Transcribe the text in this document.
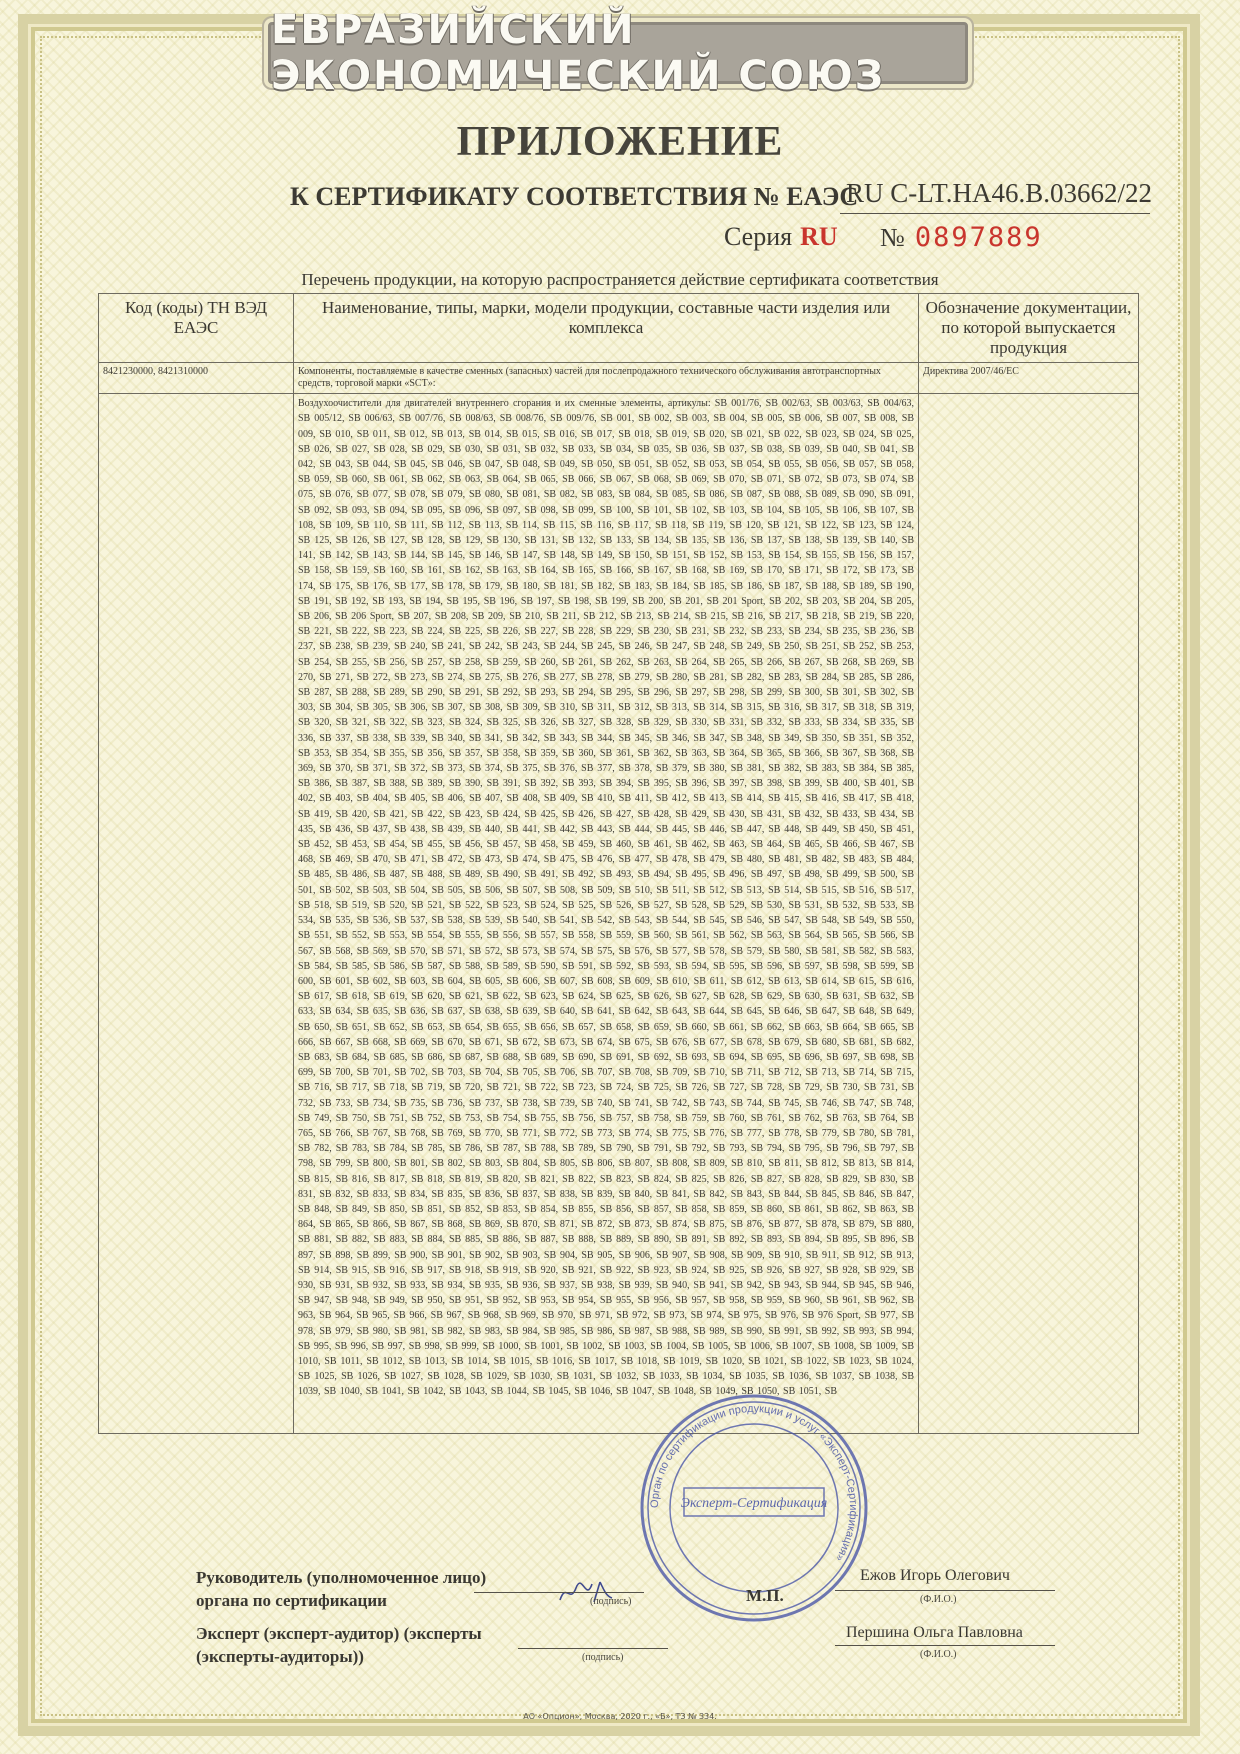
ЕВРАЗИЙСКИЙ ЭКОНОМИЧЕСКИЙ СОЮЗ
ПРИЛОЖЕНИЕ
К СЕРТИФИКАТУ СООТВЕТСТВИЯ № ЕАЭС
RU C-LT.HA46.B.03662/22
Серия RU	№ 0897889
Перечень продукции, на которую распространяется действие сертификата соответствия
Код (коды) ТН ВЭД ЕАЭС	Наименование, типы, марки, модели продукции, составные части изделия или комплекса	Обозначение документации, по которой выпускается продукция
8421230000, 8421310000	Компоненты, поставляемые в качестве сменных (запасных) частей для послепродажного технического обслуживания автотранспортных средств, торговой марки «SCT»:	Директива 2007/46/EC
	Воздухоочистители для двигателей внутреннего сгорания и их сменные элементы, артикулы: SB 001/76, SB 002/63, SB 003/63, SB 004/63, SB 005/12, SB 006/63, SB 007/76, SB 008/63, SB 008/76, SB 009/76, SB 001, SB 002, SB 003, SB 004, SB 005, SB 006, SB 007, SB 008, SB 009, SB 010, SB 011, SB 012, SB 013, SB 014, SB 015, SB 016, SB 017, SB 018, SB 019, SB 020, SB 021, SB 022, SB 023, SB 024, SB 025, SB 026, SB 027, SB 028, SB 029, SB 030, SB 031, SB 032, SB 033, SB 034, SB 035, SB 036, SB 037, SB 038, SB 039, SB 040, SB 041, SB 042, SB 043, SB 044, SB 045, SB 046, SB 047, SB 048, SB 049, SB 050, SB 051, SB 052, SB 053, SB 054, SB 055, SB 056, SB 057, SB 058, SB 059, SB 060, SB 061, SB 062, SB 063, SB 064, SB 065, SB 066, SB 067, SB 068, SB 069, SB 070, SB 071, SB 072, SB 073, SB 074, SB 075, SB 076, SB 077, SB 078, SB 079, SB 080, SB 081, SB 082, SB 083, SB 084, SB 085, SB 086, SB 087, SB 088, SB 089, SB 090, SB 091, SB 092, SB 093, SB 094, SB 095, SB 096, SB 097, SB 098, SB 099, SB 100, SB 101, SB 102, SB 103, SB 104, SB 105, SB 106, SB 107, SB 108, SB 109, SB 110, SB 111, SB 112, SB 113, SB 114, SB 115, SB 116, SB 117, SB 118, SB 119, SB 120, SB 121, SB 122, SB 123, SB 124, SB 125, SB 126, SB 127, SB 128, SB 129, SB 130, SB 131, SB 132, SB 133, SB 134, SB 135, SB 136, SB 137, SB 138, SB 139, SB 140, SB 141, SB 142, SB 143, SB 144, SB 145, SB 146, SB 147, SB 148, SB 149, SB 150, SB 151, SB 152, SB 153, SB 154, SB 155, SB 156, SB 157, SB 158, SB 159, SB 160, SB 161, SB 162, SB 163, SB 164, SB 165, SB 166, SB 167, SB 168, SB 169, SB 170, SB 171, SB 172, SB 173, SB 174, SB 175, SB 176, SB 177, SB 178, SB 179, SB 180, SB 181, SB 182, SB 183, SB 184, SB 185, SB 186, SB 187, SB 188, SB 189, SB 190, SB 191, SB 192, SB 193, SB 194, SB 195, SB 196, SB 197, SB 198, SB 199, SB 200, SB 201, SB 201 Sport, SB 202, SB 203, SB 204, SB 205, SB 206, SB 206 Sport, SB 207, SB 208, SB 209, SB 210, SB 211, SB 212, SB 213, SB 214, SB 215, SB 216, SB 217, SB 218, SB 219, SB 220, SB 221, SB 222, SB 223, SB 224, SB 225, SB 226, SB 227, SB 228, SB 229, SB 230, SB 231, SB 232, SB 233, SB 234, SB 235, SB 236, SB 237, SB 238, SB 239, SB 240, SB 241, SB 242, SB 243, SB 244, SB 245, SB 246, SB 247, SB 248, SB 249, SB 250, SB 251, SB 252, SB 253, SB 254, SB 255, SB 256, SB 257, SB 258, SB 259, SB 260, SB 261, SB 262, SB 263, SB 264, SB 265, SB 266, SB 267, SB 268, SB 269, SB 270, SB 271, SB 272, SB 273, SB 274, SB 275, SB 276, SB 277, SB 278, SB 279, SB 280, SB 281, SB 282, SB 283, SB 284, SB 285, SB 286, SB 287, SB 288, SB 289, SB 290, SB 291, SB 292, SB 293, SB 294, SB 295, SB 296, SB 297, SB 298, SB 299, SB 300, SB 301, SB 302, SB 303, SB 304, SB 305, SB 306, SB 307, SB 308, SB 309, SB 310, SB 311, SB 312, SB 313, SB 314, SB 315, SB 316, SB 317, SB 318, SB 319, SB 320, SB 321, SB 322, SB 323, SB 324, SB 325, SB 326, SB 327, SB 328, SB 329, SB 330, SB 331, SB 332, SB 333, SB 334, SB 335, SB 336, SB 337, SB 338, SB 339, SB 340, SB 341, SB 342, SB 343, SB 344, SB 345, SB 346, SB 347, SB 348, SB 349, SB 350, SB 351, SB 352, SB 353, SB 354, SB 355, SB 356, SB 357, SB 358, SB 359, SB 360, SB 361, SB 362, SB 363, SB 364, SB 365, SB 366, SB 367, SB 368, SB 369, SB 370, SB 371, SB 372, SB 373, SB 374, SB 375, SB 376, SB 377, SB 378, SB 379, SB 380, SB 381, SB 382, SB 383, SB 384, SB 385, SB 386, SB 387, SB 388, SB 389, SB 390, SB 391, SB 392, SB 393, SB 394, SB 395, SB 396, SB 397, SB 398, SB 399, SB 400, SB 401, SB 402, SB 403, SB 404, SB 405, SB 406, SB 407, SB 408, SB 409, SB 410, SB 411, SB 412, SB 413, SB 414, SB 415, SB 416, SB 417, SB 418, SB 419, SB 420, SB 421, SB 422, SB 423, SB 424, SB 425, SB 426, SB 427, SB 428, SB 429, SB 430, SB 431, SB 432, SB 433, SB 434, SB 435, SB 436, SB 437, SB 438, SB 439, SB 440, SB 441, SB 442, SB 443, SB 444, SB 445, SB 446, SB 447, SB 448, SB 449, SB 450, SB 451, SB 452, SB 453, SB 454, SB 455, SB 456, SB 457, SB 458, SB 459, SB 460, SB 461, SB 462, SB 463, SB 464, SB 465, SB 466, SB 467, SB 468, SB 469, SB 470, SB 471, SB 472, SB 473, SB 474, SB 475, SB 476, SB 477, SB 478, SB 479, SB 480, SB 481, SB 482, SB 483, SB 484, SB 485, SB 486, SB 487, SB 488, SB 489, SB 490, SB 491, SB 492, SB 493, SB 494, SB 495, SB 496, SB 497, SB 498, SB 499, SB 500, SB 501, SB 502, SB 503, SB 504, SB 505, SB 506, SB 507, SB 508, SB 509, SB 510, SB 511, SB 512, SB 513, SB 514, SB 515, SB 516, SB 517, SB 518, SB 519, SB 520, SB 521, SB 522, SB 523, SB 524, SB 525, SB 526, SB 527, SB 528, SB 529, SB 530, SB 531, SB 532, SB 533, SB 534, SB 535, SB 536, SB 537, SB 538, SB 539, SB 540, SB 541, SB 542, SB 543, SB 544, SB 545, SB 546, SB 547, SB 548, SB 549, SB 550, SB 551, SB 552, SB 553, SB 554, SB 555, SB 556, SB 557, SB 558, SB 559, SB 560, SB 561, SB 562, SB 563, SB 564, SB 565, SB 566, SB 567, SB 568, SB 569, SB 570, SB 571, SB 572, SB 573, SB 574, SB 575, SB 576, SB 577, SB 578, SB 579, SB 580, SB 581, SB 582, SB 583, SB 584, SB 585, SB 586, SB 587, SB 588, SB 589, SB 590, SB 591, SB 592, SB 593, SB 594, SB 595, SB 596, SB 597, SB 598, SB 599, SB 600, SB 601, SB 602, SB 603, SB 604, SB 605, SB 606, SB 607, SB 608, SB 609, SB 610, SB 611, SB 612, SB 613, SB 614, SB 615, SB 616, SB 617, SB 618, SB 619, SB 620, SB 621, SB 622, SB 623, SB 624, SB 625, SB 626, SB 627, SB 628, SB 629, SB 630, SB 631, SB 632, SB 633, SB 634, SB 635, SB 636, SB 637, SB 638, SB 639, SB 640, SB 641, SB 642, SB 643, SB 644, SB 645, SB 646, SB 647, SB 648, SB 649, SB 650, SB 651, SB 652, SB 653, SB 654, SB 655, SB 656, SB 657, SB 658, SB 659, SB 660, SB 661, SB 662, SB 663, SB 664, SB 665, SB 666, SB 667, SB 668, SB 669, SB 670, SB 671, SB 672, SB 673, SB 674, SB 675, SB 676, SB 677, SB 678, SB 679, SB 680, SB 681, SB 682, SB 683, SB 684, SB 685, SB 686, SB 687, SB 688, SB 689, SB 690, SB 691, SB 692, SB 693, SB 694, SB 695, SB 696, SB 697, SB 698, SB 699, SB 700, SB 701, SB 702, SB 703, SB 704, SB 705, SB 706, SB 707, SB 708, SB 709, SB 710, SB 711, SB 712, SB 713, SB 714, SB 715, SB 716, SB 717, SB 718, SB 719, SB 720, SB 721, SB 722, SB 723, SB 724, SB 725, SB 726, SB 727, SB 728, SB 729, SB 730, SB 731, SB 732, SB 733, SB 734, SB 735, SB 736, SB 737, SB 738, SB 739, SB 740, SB 741, SB 742, SB 743, SB 744, SB 745, SB 746, SB 747, SB 748, SB 749, SB 750, SB 751, SB 752, SB 753, SB 754, SB 755, SB 756, SB 757, SB 758, SB 759, SB 760, SB 761, SB 762, SB 763, SB 764, SB 765, SB 766, SB 767, SB 768, SB 769, SB 770, SB 771, SB 772, SB 773, SB 774, SB 775, SB 776, SB 777, SB 778, SB 779, SB 780, SB 781, SB 782, SB 783, SB 784, SB 785, SB 786, SB 787, SB 788, SB 789, SB 790, SB 791, SB 792, SB 793, SB 794, SB 795, SB 796, SB 797, SB 798, SB 799, SB 800, SB 801, SB 802, SB 803, SB 804, SB 805, SB 806, SB 807, SB 808, SB 809, SB 810, SB 811, SB 812, SB 813, SB 814, SB 815, SB 816, SB 817, SB 818, SB 819, SB 820, SB 821, SB 822, SB 823, SB 824, SB 825, SB 826, SB 827, SB 828, SB 829, SB 830, SB 831, SB 832, SB 833, SB 834, SB 835, SB 836, SB 837, SB 838, SB 839, SB 840, SB 841, SB 842, SB 843, SB 844, SB 845, SB 846, SB 847, SB 848, SB 849, SB 850, SB 851, SB 852, SB 853, SB 854, SB 855, SB 856, SB 857, SB 858, SB 859, SB 860, SB 861, SB 862, SB 863, SB 864, SB 865, SB 866, SB 867, SB 868, SB 869, SB 870, SB 871, SB 872, SB 873, SB 874, SB 875, SB 876, SB 877, SB 878, SB 879, SB 880, SB 881, SB 882, SB 883, SB 884, SB 885, SB 886, SB 887, SB 888, SB 889, SB 890, SB 891, SB 892, SB 893, SB 894, SB 895, SB 896, SB 897, SB 898, SB 899, SB 900, SB 901, SB 902, SB 903, SB 904, SB 905, SB 906, SB 907, SB 908, SB 909, SB 910, SB 911, SB 912, SB 913, SB 914, SB 915, SB 916, SB 917, SB 918, SB 919, SB 920, SB 921, SB 922, SB 923, SB 924, SB 925, SB 926, SB 927, SB 928, SB 929, SB 930, SB 931, SB 932, SB 933, SB 934, SB 935, SB 936, SB 937, SB 938, SB 939, SB 940, SB 941, SB 942, SB 943, SB 944, SB 945, SB 946, SB 947, SB 948, SB 949, SB 950, SB 951, SB 952, SB 953, SB 954, SB 955, SB 956, SB 957, SB 958, SB 959, SB 960, SB 961, SB 962, SB 963, SB 964, SB 965, SB 966, SB 967, SB 968, SB 969, SB 970, SB 971, SB 972, SB 973, SB 974, SB 975, SB 976, SB 976 Sport, SB 977, SB 978, SB 979, SB 980, SB 981, SB 982, SB 983, SB 984, SB 985, SB 986, SB 987, SB 988, SB 989, SB 990, SB 991, SB 992, SB 993, SB 994, SB 995, SB 996, SB 997, SB 998, SB 999, SB 1000, SB 1001, SB 1002, SB 1003, SB 1004, SB 1005, SB 1006, SB 1007, SB 1008, SB 1009, SB 1010, SB 1011, SB 1012, SB 1013, SB 1014, SB 1015, SB 1016, SB 1017, SB 1018, SB 1019, SB 1020, SB 1021, SB 1022, SB 1023, SB 1024, SB 1025, SB 1026, SB 1027, SB 1028, SB 1029, SB 1030, SB 1031, SB 1032, SB 1033, SB 1034, SB 1035, SB 1036, SB 1037, SB 1038, SB 1039, SB 1040, SB 1041, SB 1042, SB 1043, SB 1044, SB 1045, SB 1046, SB 1047, SB 1048, SB 1049, SB 1050, SB 1051, SB	
Орган по сертификации продукции и услуг «Эксперт-Сертификация»
Эксперт-Сертификация
Руководитель (уполномоченное лицо) органа по сертификации	(подпись)
Ежов Игорь Олегович
(Ф.И.О.)
М.П.
Эксперт (эксперт-аудитор) (эксперты (эксперты-аудиторы))	(подпись)
Першина Ольга Павловна
(Ф.И.О.)
АО «Опцион», Москва, 2020 г., «Б», ТЗ № 334.
